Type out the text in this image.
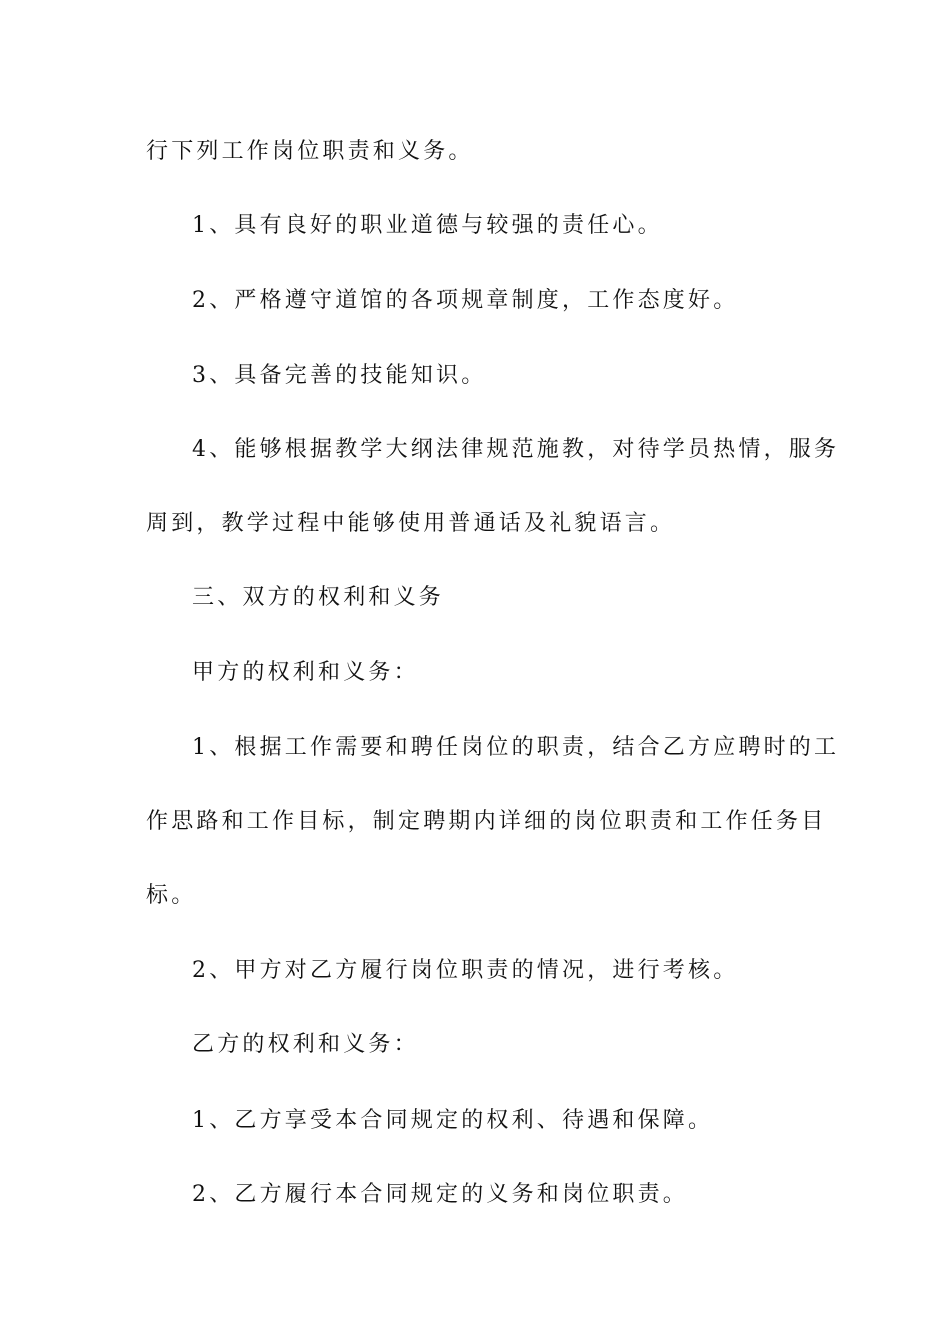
行下列工作岗位职责和义务。
1、具有良好的职业道德与较强的责任心。
2、严格遵守道馆的各项规章制度，工作态度好。
3、具备完善的技能知识。
4、能够根据教学大纲法律规范施教，对待学员热情，服务
周到，教学过程中能够使用普通话及礼貌语言。
三、双方的权利和义务
甲方的权利和义务：
1、根据工作需要和聘任岗位的职责，结合乙方应聘时的工
作思路和工作目标，制定聘期内详细的岗位职责和工作任务目
标。
2、甲方对乙方履行岗位职责的情况，进行考核。
乙方的权利和义务：
1、乙方享受本合同规定的权利、待遇和保障。
2、乙方履行本合同规定的义务和岗位职责。
